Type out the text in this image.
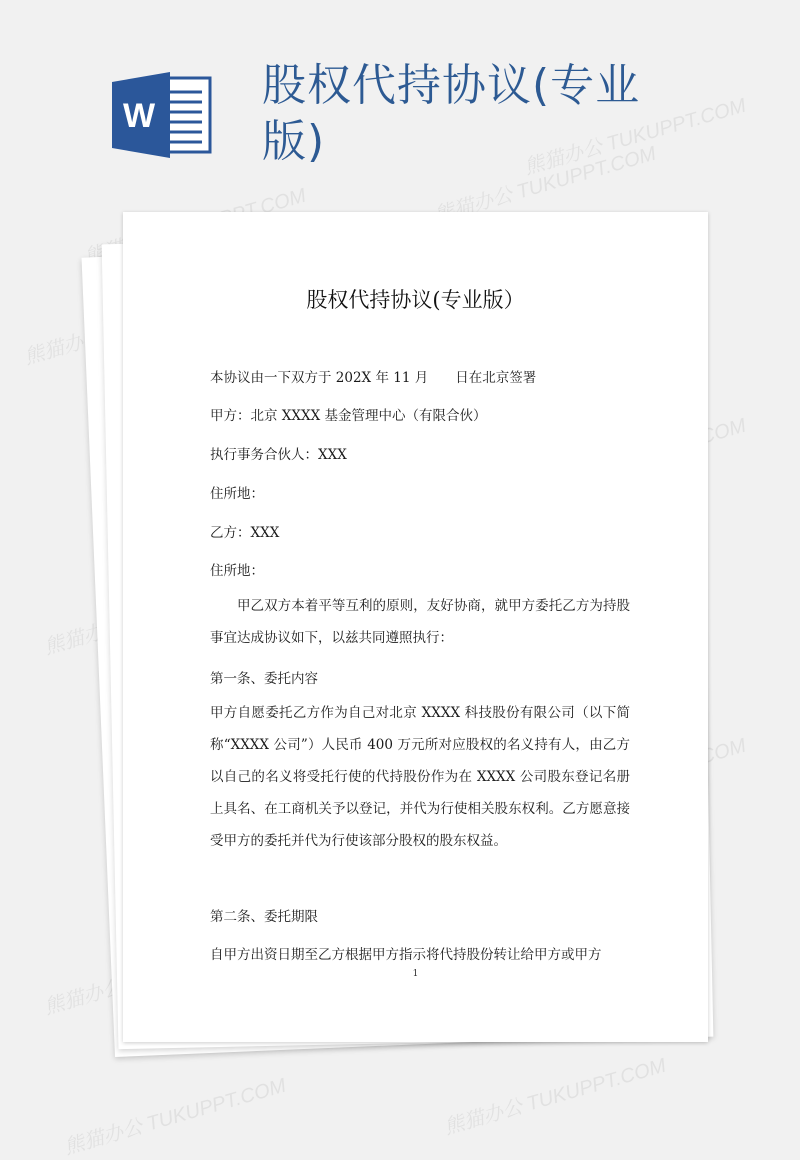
W
股权代持协议(专业版)	熊猫办公 TUKUPPT.COM
熊猫办公 TUKUPPT.COM
熊猫办公
熊猫办公
熊猫办公
熊猫办公 TUKUPPT.COM
熊猫办公 TUKUPPT.COM
股权代持协议(专业版）
本协议由一下双方于 202X 年 11 月　　日在北京签署
甲方：北京 XXXX 基金管理中心（有限合伙）
执行事务合伙人：XXX
住所地：
乙方：XXX
住所地：
甲乙双方本着平等互利的原则，友好协商，就甲方委托乙方为持股事宜达成协议如下，以兹共同遵照执行：
第一条、委托内容
甲方自愿委托乙方作为自己对北京 XXXX 科技股份有限公司（以下简称“XXXX 公司”）人民币 400 万元所对应股权的名义持有人，由乙方以自己的名义将受托行使的代持股份作为在 XXXX 公司股东登记名册上具名、在工商机关予以登记，并代为行使相关股东权利。乙方愿意接受甲方的委托并代为行使该部分股权的股东权益。
第二条、委托期限
自甲方出资日期至乙方根据甲方指示将代持股份转让给甲方或甲方
1
